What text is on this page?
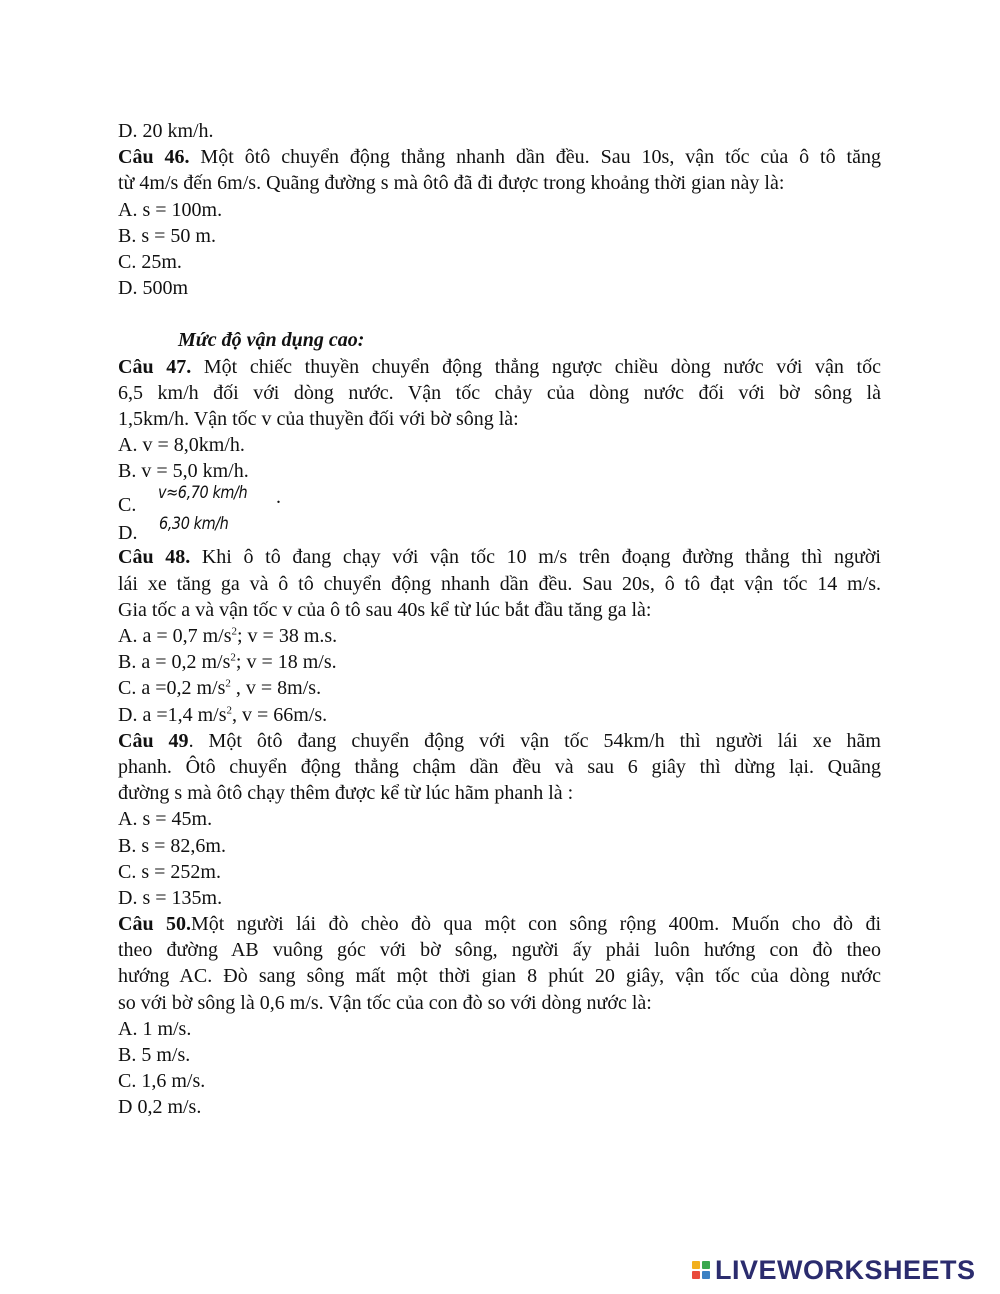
D. 20 km/h.
Câu 46. Một ôtô chuyển động thẳng nhanh dần đều. Sau 10s, vận tốc của ô tô tăng
từ 4m/s đến 6m/s. Quãng đường s mà ôtô đã đi được trong khoảng thời gian này là:
A. s = 100m.
B. s = 50 m.
C. 25m.
D. 500m
Mức độ vận dụng cao:
Câu 47. Một chiếc thuyền chuyển động thẳng ngược chiều dòng nước với vận tốc
6,5 km/h đối với dòng nước. Vận tốc chảy của dòng nước đối với bờ sông là
1,5km/h. Vận tốc v của thuyền đối với bờ sông là:
A. v = 8,0km/h.
B. v = 5,0 km/h.
C.
v≈6,70 km/h .
D. 6,30 km/h
Câu 48. Khi ô tô đang chạy với vận tốc 10 m/s trên đoạng đường thẳng thì người
lái xe tăng ga và ô tô chuyển động nhanh dần đều. Sau 20s, ô tô đạt vận tốc 14 m/s.
Gia tốc a và vận tốc v của ô tô sau 40s kể từ lúc bắt đầu tăng ga là:
A. a = 0,7 $m/s^2$; v = 38 m.s.
B. a = 0,2 $m/s^2$; v = 18 m/s.
C. a =0,2 $m/s^2$ , v = 8m/s.
D. a =1,4 $m/s^2$, v = 66m/s.
Câu 49. Một ôtô đang chuyển động với vận tốc 54km/h thì người lái xe hãm
phanh. Ôtô chuyển động thẳng chậm dần đều và sau 6 giây thì dừng lại. Quãng
đường s mà ôtô chạy thêm được kể từ lúc hãm phanh là :
A. s = 45m.
B. s = 82,6m.
C. s = 252m.
D. s = 135m.
Câu 50.Một người lái đò chèo đò qua một con sông rộng 400m. Muốn cho đò đi
theo đường AB vuông góc với bờ sông, người ấy phải luôn hướng con đò theo
hướng AC. Đò sang sông mất một thời gian 8 phút 20 giây, vận tốc của dòng nước
so với bờ sông là 0,6 m/s. Vận tốc của con đò so với dòng nước là:
A. 1 m/s.
B. 5 m/s.
C. 1,6 m/s.
D 0,2 m/s.
LIVEWORKSHEETS
